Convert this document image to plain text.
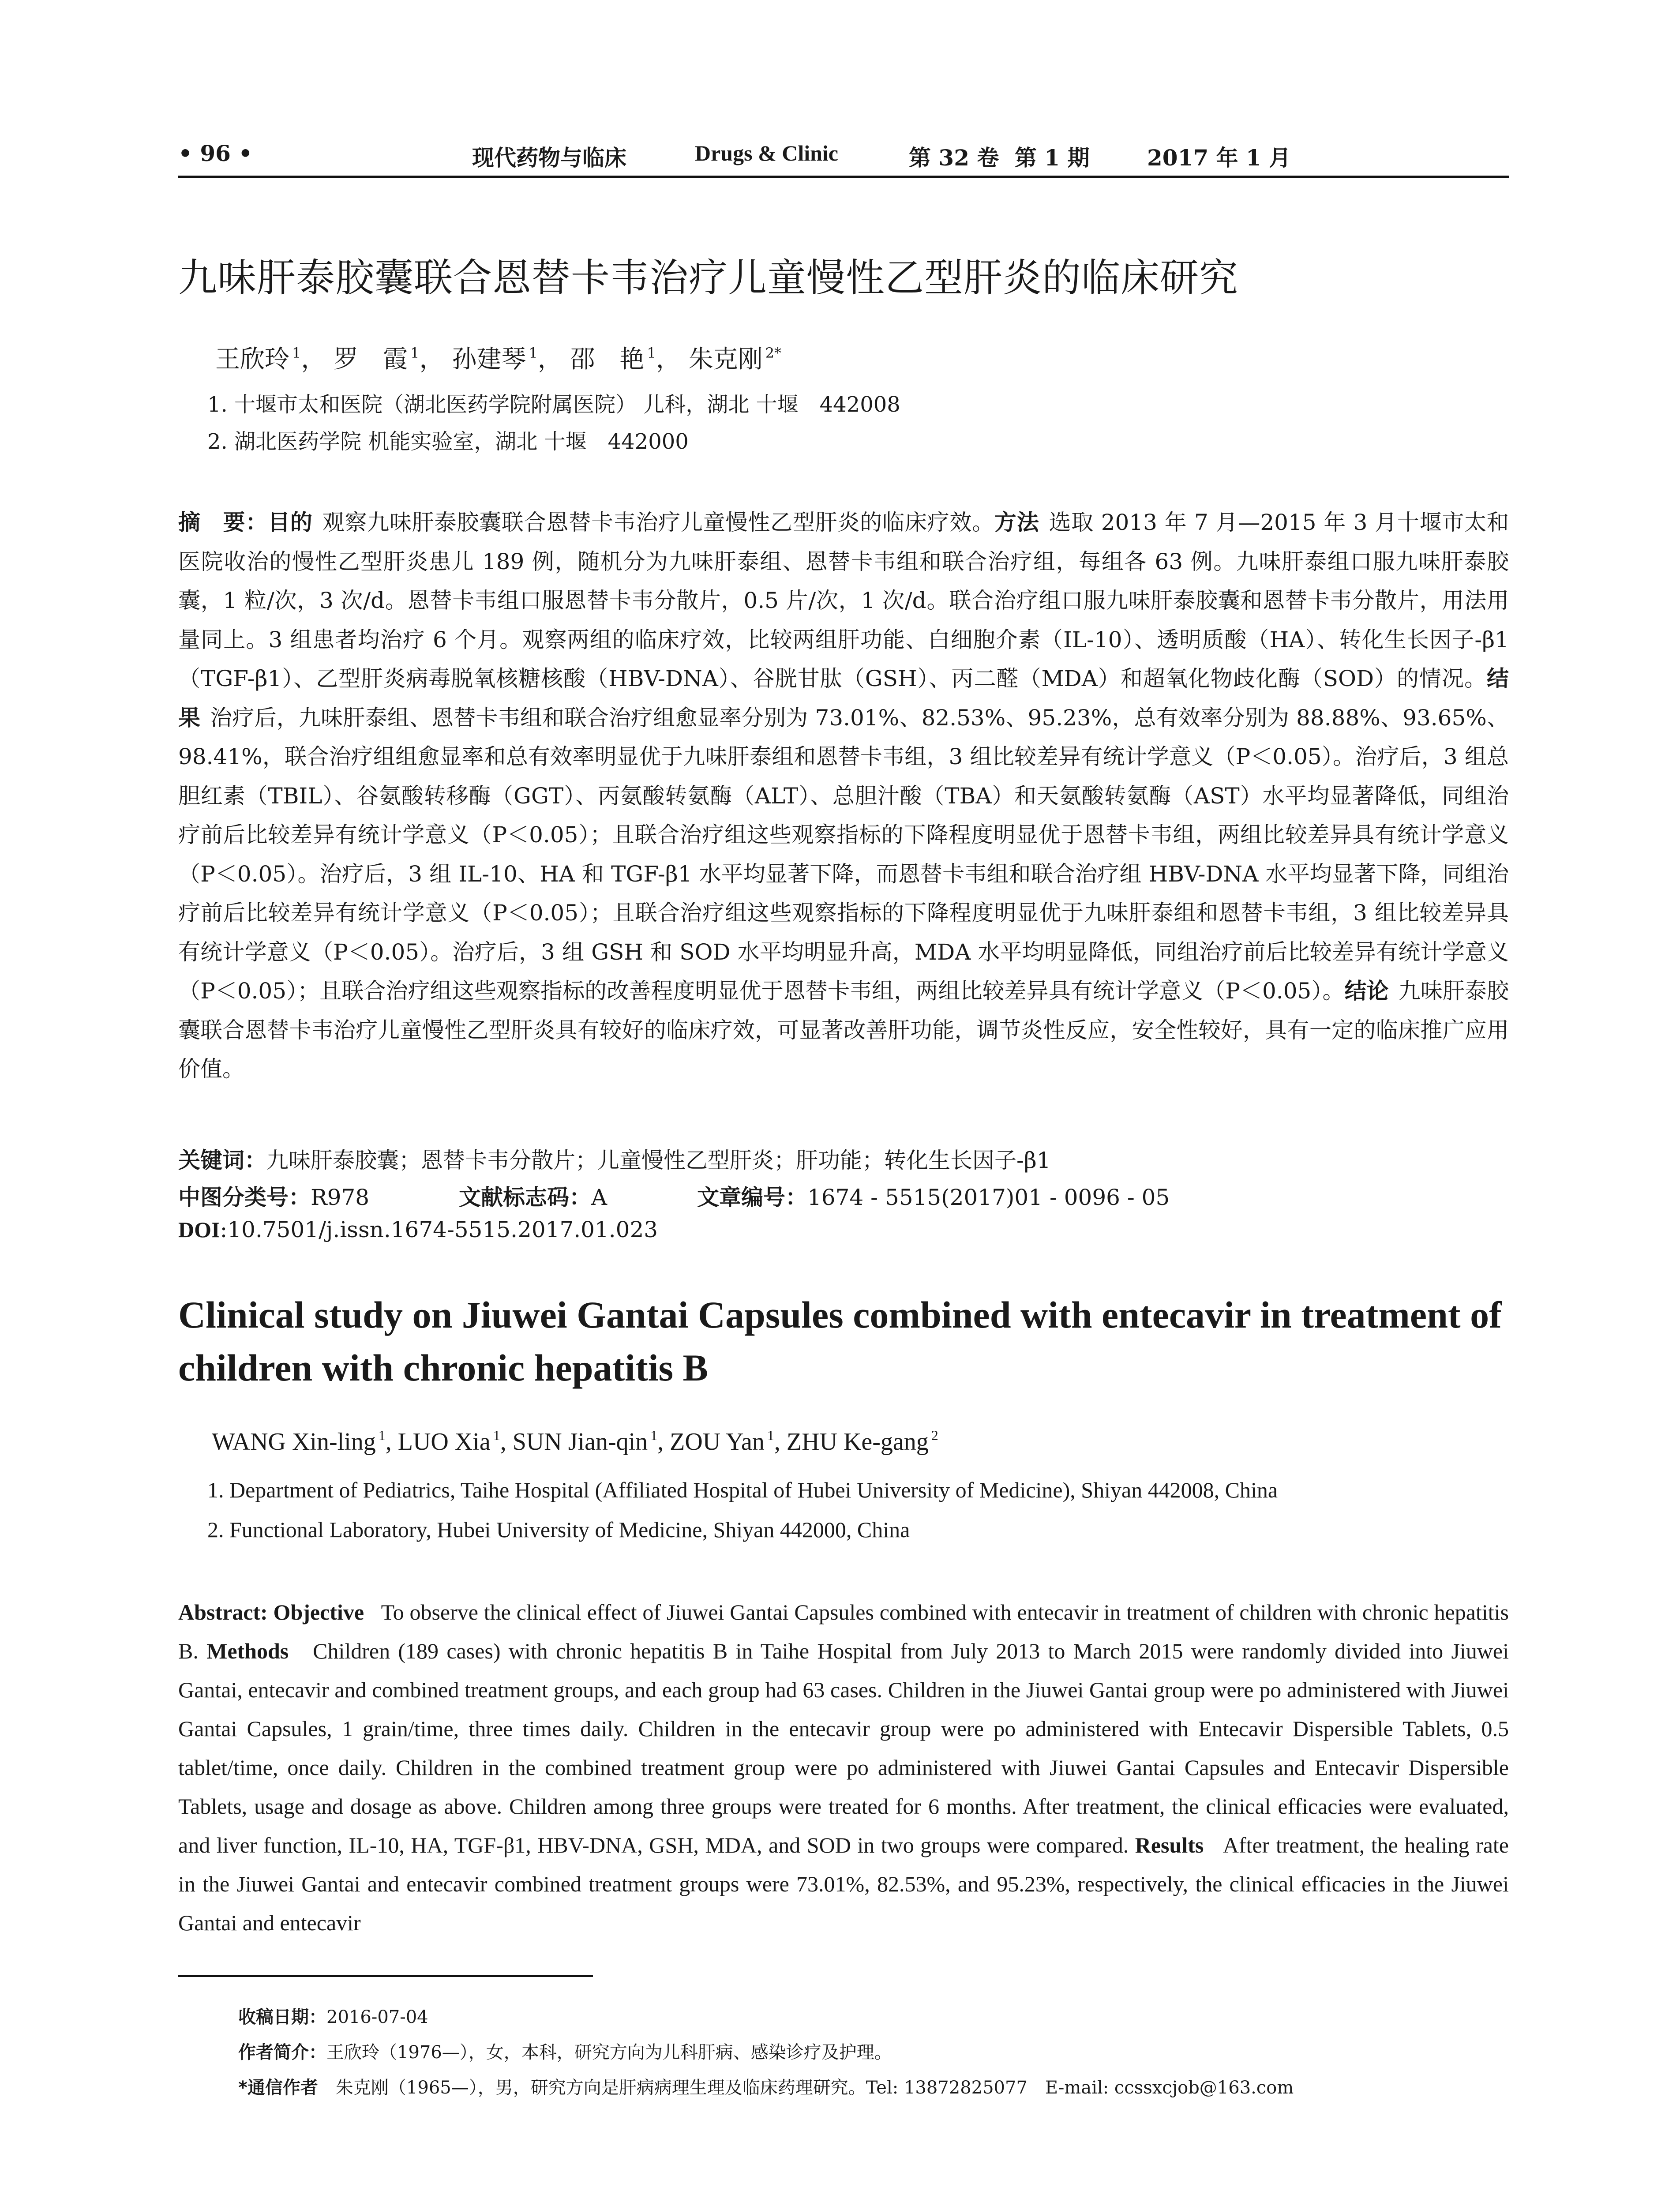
• 96 •	现代药物与临床	Drugs & Clinic	第 32 卷 第 1 期	2017 年 1 月
九味肝泰胶囊联合恩替卡韦治疗儿童慢性乙型肝炎的临床研究
王欣玲 $^1$， 罗　霞 $^1$， 孙建琴 $^1$， 邵　艳 $^1$， 朱克刚 $^{2*}$
1. 十堰市太和医院（湖北医药学院附属医院） 儿科，湖北 十堰　442008
2. 湖北医药学院 机能实验室，湖北 十堰　442000

摘　要：目的 观察九味肝泰胶囊联合恩替卡韦治疗儿童慢性乙型肝炎的临床疗效。方法 选取 2013 年 7 月—2015 年 3 月十堰市太和医院收治的慢性乙型肝炎患儿 189 例，随机分为九味肝泰组、恩替卡韦组和联合治疗组，每组各 63 例。九味肝泰组口服九味肝泰胶囊，1 粒/次，3 次/d。恩替卡韦组口服恩替卡韦分散片，0.5 片/次，1 次/d。联合治疗组口服九味肝泰胶囊和恩替卡韦分散片，用法用量同上。3 组患者均治疗 6 个月。观察两组的临床疗效，比较两组肝功能、白细胞介素（IL-10）、透明质酸（HA）、转化生长因子-β1（TGF-β1）、乙型肝炎病毒脱氧核糖核酸（HBV-DNA）、谷胱甘肽（GSH）、丙二醛（MDA）和超氧化物歧化酶（SOD）的情况。结果 治疗后，九味肝泰组、恩替卡韦组和联合治疗组愈显率分别为 73.01%、82.53%、95.23%，总有效率分别为 88.88%、93.65%、98.41%，联合治疗组组愈显率和总有效率明显优于九味肝泰组和恩替卡韦组，3 组比较差异有统计学意义（P＜0.05）。治疗后，3 组总胆红素（TBIL）、谷氨酸转移酶（GGT）、丙氨酸转氨酶（ALT）、总胆汁酸（TBA）和天氨酸转氨酶（AST）水平均显著降低，同组治疗前后比较差异有统计学意义（P＜0.05）；且联合治疗组这些观察指标的下降程度明显优于恩替卡韦组，两组比较差异具有统计学意义（P＜0.05）。治疗后，3 组 IL-10、HA 和 TGF-β1 水平均显著下降，而恩替卡韦组和联合治疗组 HBV-DNA 水平均显著下降，同组治疗前后比较差异有统计学意义（P＜0.05）；且联合治疗组这些观察指标的下降程度明显优于九味肝泰组和恩替卡韦组，3 组比较差异具有统计学意义（P＜0.05）。治疗后，3 组 GSH 和 SOD 水平均明显升高，MDA 水平均明显降低，同组治疗前后比较差异有统计学意义（P＜0.05）；且联合治疗组这些观察指标的改善程度明显优于恩替卡韦组，两组比较差异具有统计学意义（P＜0.05）。结论 九味肝泰胶囊联合恩替卡韦治疗儿童慢性乙型肝炎具有较好的临床疗效，可显著改善肝功能，调节炎性反应，安全性较好，具有一定的临床推广应用价值。

关键词：九味肝泰胶囊；恩替卡韦分散片；儿童慢性乙型肝炎；肝功能；转化生长因子-β1
中图分类号：R978	文献标志码：A	文章编号：1674 - 5515(2017)01 - 0096 - 05
DOI:10.7501/j.issn.1674-5515.2017.01.023
Clinical study on Jiuwei Gantai Capsules combined with entecavir in treatment of children with chronic hepatitis B
WANG Xin-ling $^1$, LUO Xia $^1$, SUN Jian-qin $^1$, ZOU Yan $^1$, ZHU Ke-gang $^2$
1. Department of Pediatrics, Taihe Hospital (Affiliated Hospital of Hubei University of Medicine), Shiyan 442008, China
2. Functional Laboratory, Hubei University of Medicine, Shiyan 442000, China

Abstract: Objective To observe the clinical effect of Jiuwei Gantai Capsules combined with entecavir in treatment of children with chronic hepatitis B. Methods Children (189 cases) with chronic hepatitis B in Taihe Hospital from July 2013 to March 2015 were randomly divided into Jiuwei Gantai, entecavir and combined treatment groups, and each group had 63 cases. Children in the Jiuwei Gantai group were po administered with Jiuwei Gantai Capsules, 1 grain/time, three times daily. Children in the entecavir group were po administered with Entecavir Dispersible Tablets, 0.5 tablet/time, once daily. Children in the combined treatment group were po administered with Jiuwei Gantai Capsules and Entecavir Dispersible Tablets, usage and dosage as above. Children among three groups were treated for 6 months. After treatment, the clinical efficacies were evaluated, and liver function, IL-10, HA, TGF-β1, HBV-DNA, GSH, MDA, and SOD in two groups were compared. Results After treatment, the healing rate in the Jiuwei Gantai and entecavir combined treatment groups were 73.01%, 82.53%, and 95.23%, respectively, the clinical efficacies in the Jiuwei Gantai and entecavir

收稿日期：2016-07-04
作者简介：王欣玲（1976—），女，本科，研究方向为儿科肝病、感染诊疗及护理。
*通信作者　朱克刚（1965—），男，研究方向是肝病病理生理及临床药理研究。Tel: 13872825077　E-mail: ccssxcjob@163.com
